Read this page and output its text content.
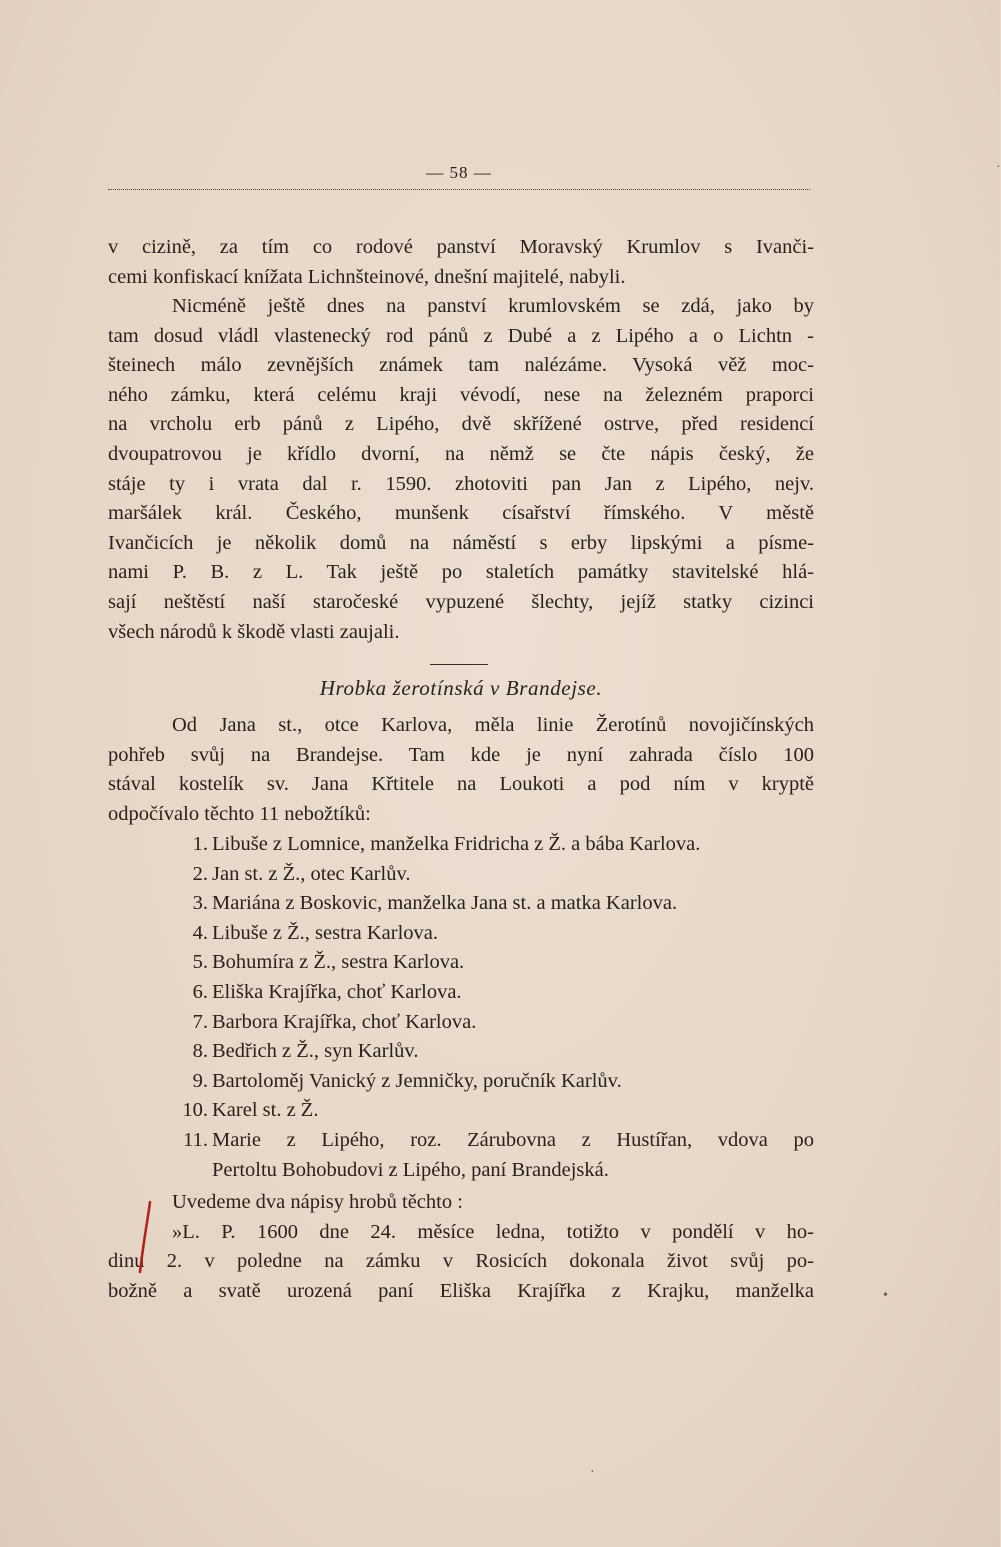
— 58 —
v cizině, za tím co rodové panství Moravský Krumlov s Ivanči-
cemi konfiskací knížata Lichnšteinové, dnešní majitelé, nabyli.
Nicméně ještě dnes na panství krumlovském se zdá, jako by
tam dosud vládl vlastenecký rod pánů z Dubé a z Lipého a o Lichtn -
šteinech málo zevnějších známek tam nalézáme. Vysoká věž moc-
ného zámku, která celému kraji vévodí, nese na železném praporci
na vrcholu erb pánů z Lipého, dvě skřížené ostrve, před residencí
dvoupatrovou je křídlo dvorní, na němž se čte nápis český, že
stáje ty i vrata dal r. 1590. zhotoviti pan Jan z Lipého, nejv.
maršálek král. Českého, munšenk císařství římského. V městě
Ivančicích je několik domů na náměstí s erby lipskými a písme-
nami P. B. z L. Tak ještě po staletích památky stavitelské hlá-
sají neštěstí naší staročeské vypuzené šlechty, jejíž statky cizinci
všech národů k škodě vlasti zaujali.
Hrobka žerotínská v Brandejse.
Od Jana st., otce Karlova, měla linie Žerotínů novojičínských
pohřeb svůj na Brandejse. Tam kde je nyní zahrada číslo 100
stával kostelík sv. Jana Křtitele na Loukoti a pod ním v kryptě
odpočívalo těchto 11 nebožtíků:
1. Libuše z Lomnice, manželka Fridricha z Ž. a bába Karlova.
2. Jan st. z Ž., otec Karlův.
3. Mariána z Boskovic, manželka Jana st. a matka Karlova.
4. Libuše z Ž., sestra Karlova.
5. Bohumíra z Ž., sestra Karlova.
6. Eliška Krajířka, choť Karlova.
7. Barbora Krajířka, choť Karlova.
8. Bedřich z Ž., syn Karlův.
9. Bartoloměj Vanický z Jemničky, poručník Karlův.
10. Karel st. z Ž.
11. Marie z Lipého, roz. Zárubovna z Hustířan, vdova po
Pertoltu Bohobudovi z Lipého, paní Brandejská.
Uvedeme dva nápisy hrobů těchto :
»L. P. 1600 dne 24. měsíce ledna, totižto v pondělí v ho-
dinu 2. v poledne na zámku v Rosicích dokonala život svůj po-
božně a svatě urozená paní Eliška Krajířka z Krajku, manželka
·
•
·
